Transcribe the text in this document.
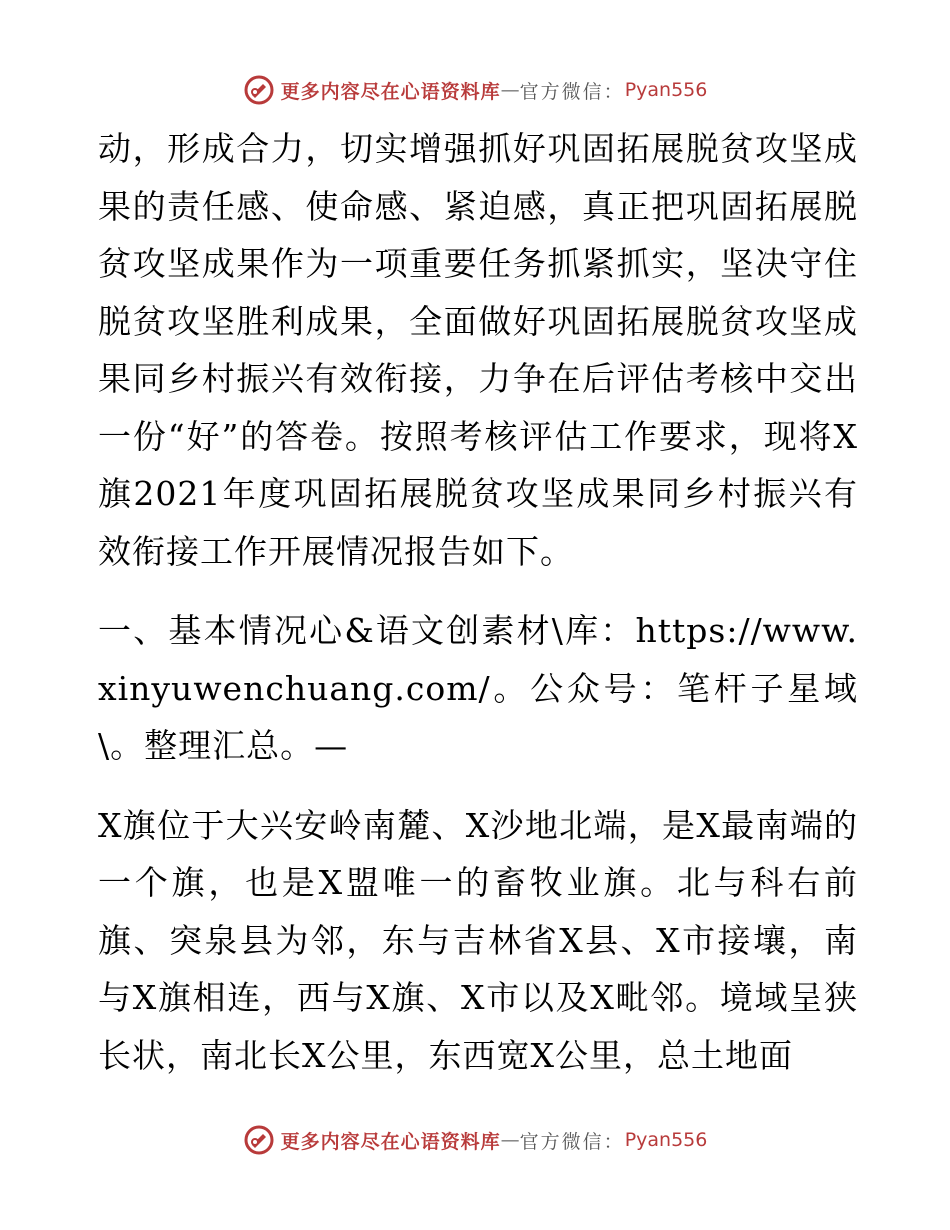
更多内容尽在心语资料库 — 官方微信： Pyan556

动，形成合力，切实增强抓好巩固拓展脱贫攻坚成果的责任感、使命感、紧迫感，真正把巩固拓展脱贫攻坚成果作为一项重要任务抓紧抓实，坚决守住脱贫攻坚胜利成果，全面做好巩固拓展脱贫攻坚成果同乡村振兴有效衔接，力争在后评估考核中交出一份“好”的答卷。按照考核评估工作要求，现将X旗2021年度巩固拓展脱贫攻坚成果同乡村振兴有效衔接工作开展情况报告如下。

一、基本情况心&语文创素材\库：https://www.xinyuwenchuang.com/。公众号：笔杆子星域\。整理汇总。—

X旗位于大兴安岭南麓、X沙地北端，是X最南端的一个旗，也是X盟唯一的畜牧业旗。北与科右前旗、突泉县为邻，东与吉林省X县、X市接壤，南与X旗相连，西与X旗、X市以及X毗邻。境域呈狭长状，南北长X公里，东西宽X公里，总土地面

更多内容尽在心语资料库 — 官方微信： Pyan556
